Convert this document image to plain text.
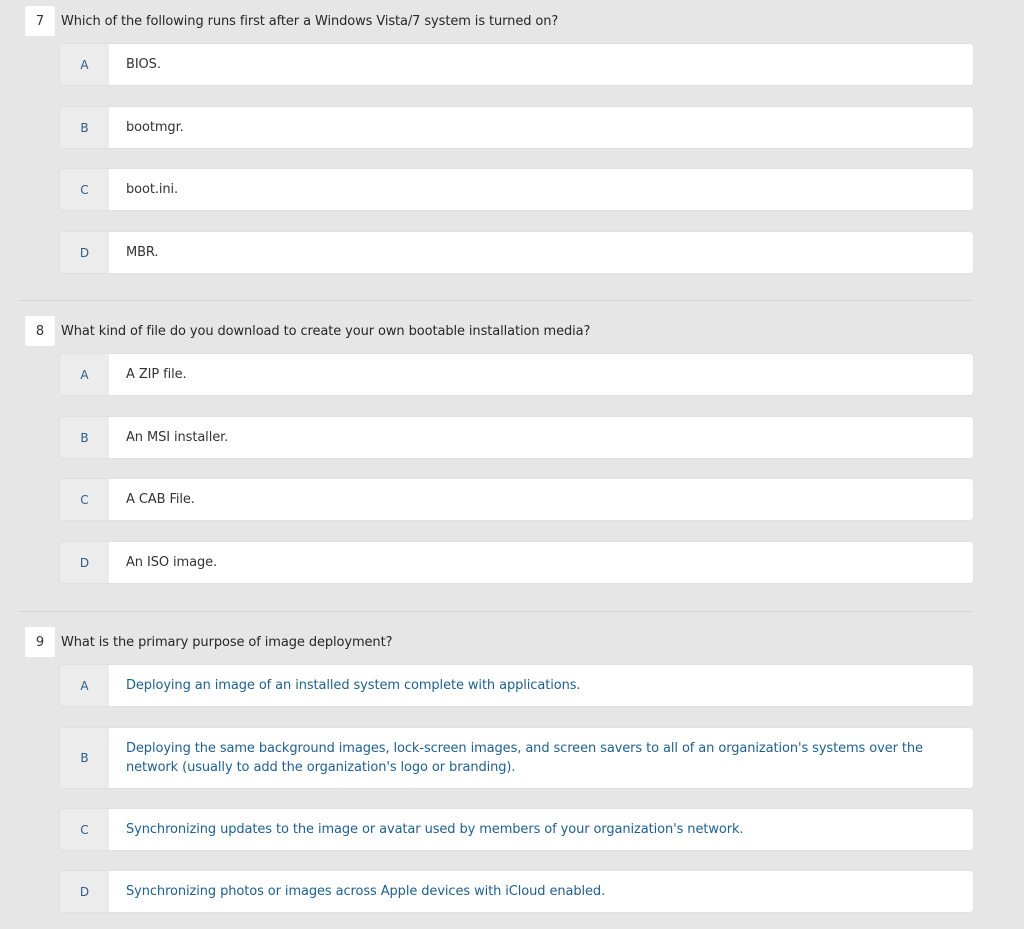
7	Which of the following runs first after a Windows Vista/7 system is turned on?
A	BIOS.
B	bootmgr.
C	boot.ini.
D	MBR.
8	What kind of file do you download to create your own bootable installation media?
A	A ZIP file.
B	An MSI installer.
C	A CAB File.
D	An ISO image.
9	What is the primary purpose of image deployment?
A	Deploying an image of an installed system complete with applications.
B
Deploying the same background images, lock-screen images, and screen savers to all of an organization's systems over the network (usually to add the organization's logo or branding).
C	Synchronizing updates to the image or avatar used by members of your organization's network.
D	Synchronizing photos or images across Apple devices with iCloud enabled.
